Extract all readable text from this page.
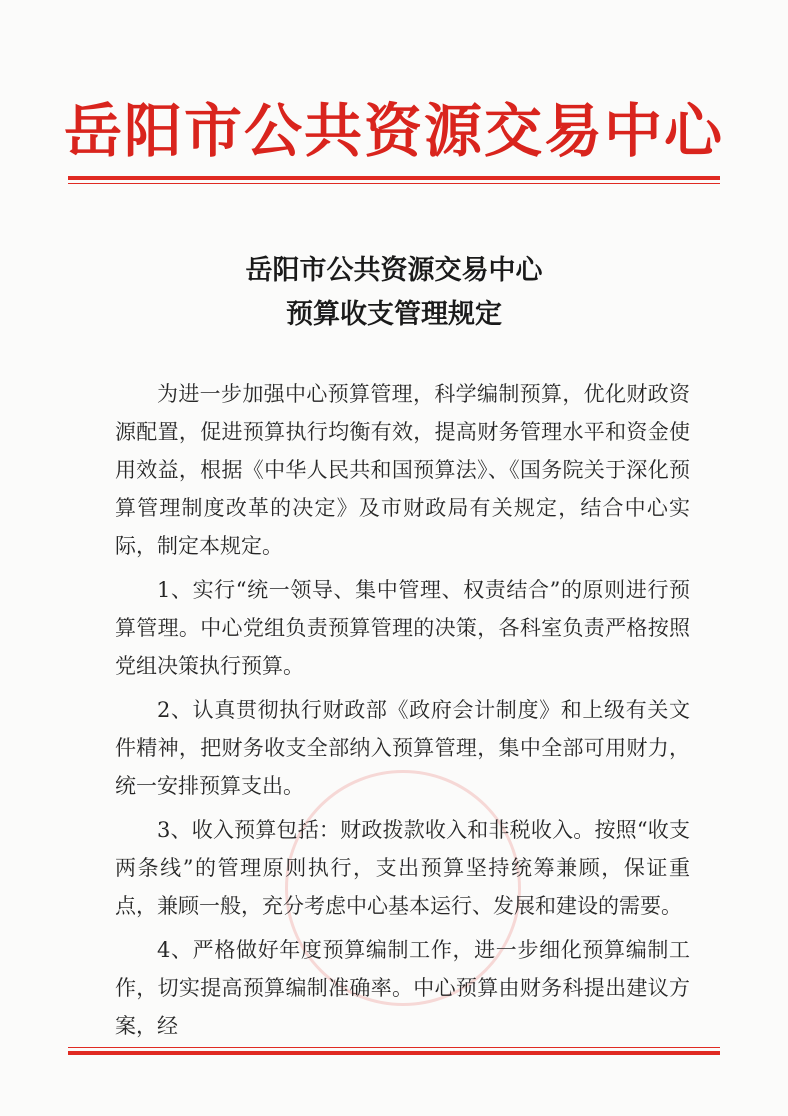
岳阳市公共资源交易中心
岳阳市公共资源交易中心
预算收支管理规定

为进一步加强中心预算管理，科学编制预算，优化财政资源配置，促进预算执行均衡有效，提高财务管理水平和资金使用效益，根据《中华人民共和国预算法》、《国务院关于深化预算管理制度改革的决定》及市财政局有关规定，结合中心实际，制定本规定。

1、实行“统一领导、集中管理、权责结合”的原则进行预算管理。中心党组负责预算管理的决策，各科室负责严格按照党组决策执行预算。

2、认真贯彻执行财政部《政府会计制度》和上级有关文件精神，把财务收支全部纳入预算管理，集中全部可用财力，统一安排预算支出。

3、收入预算包括：财政拨款收入和非税收入。按照“收支两条线”的管理原则执行，支出预算坚持统筹兼顾，保证重点，兼顾一般，充分考虑中心基本运行、发展和建设的需要。

4、严格做好年度预算编制工作，进一步细化预算编制工作，切实提高预算编制准确率。中心预算由财务科提出建议方案，经
